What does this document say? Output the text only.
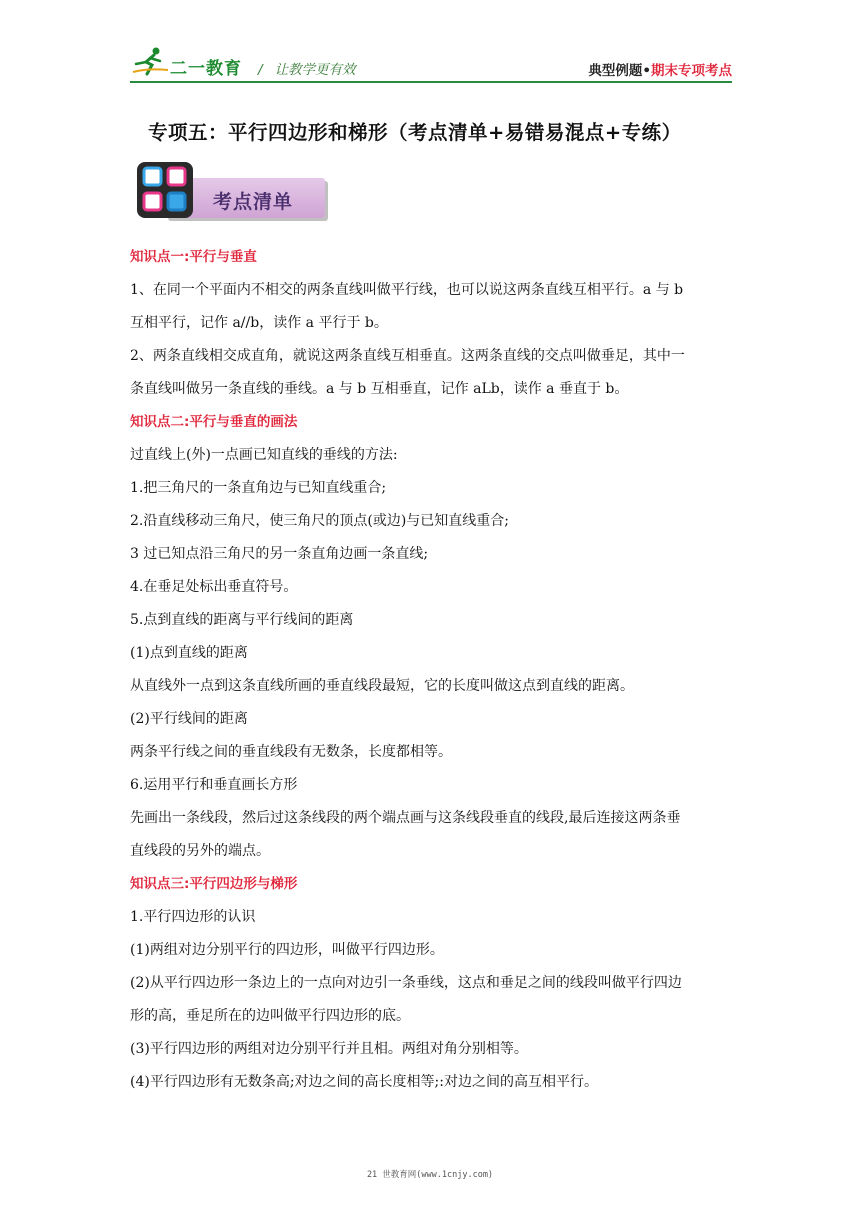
二一教育 / 让教学更有效	典型例题•期末专项考点
专项五：平行四边形和梯形（考点清单+易错易混点+专练）
考点清单
知识点一:平行与垂直
1、在同一个平面内不相交的两条直线叫做平行线，也可以说这两条直线互相平行。a 与 b
互相平行，记作 a//b，读作 a 平行于 b。
2、两条直线相交成直角，就说这两条直线互相垂直。这两条直线的交点叫做垂足，其中一
条直线叫做另一条直线的垂线。a 与 b 互相垂直，记作 aLb，读作 a 垂直于 b。
知识点二:平行与垂直的画法
过直线上(外)一点画已知直线的垂线的方法:
1.把三角尺的一条直角边与已知直线重合;
2.沿直线移动三角尺，使三角尺的顶点(或边)与已知直线重合;
3 过已知点沿三角尺的另一条直角边画一条直线;
4.在垂足处标出垂直符号。
5.点到直线的距离与平行线间的距离
(1)点到直线的距离
从直线外一点到这条直线所画的垂直线段最短，它的长度叫做这点到直线的距离。
(2)平行线间的距离
两条平行线之间的垂直线段有无数条，长度都相等。
6.运用平行和垂直画长方形
先画出一条线段，然后过这条线段的两个端点画与这条线段垂直的线段,最后连接这两条垂
直线段的另外的端点。
知识点三:平行四边形与梯形
1.平行四边形的认识
(1)两组对边分别平行的四边形，叫做平行四边形。
(2)从平行四边形一条边上的一点向对边引一条垂线，这点和垂足之间的线段叫做平行四边
形的高，垂足所在的边叫做平行四边形的底。
(3)平行四边形的两组对边分别平行并且相。两组对角分别相等。
(4)平行四边形有无数条高;对边之间的高长度相等;:对边之间的高互相平行。
21 世教育网(www.1cnjy.com)
